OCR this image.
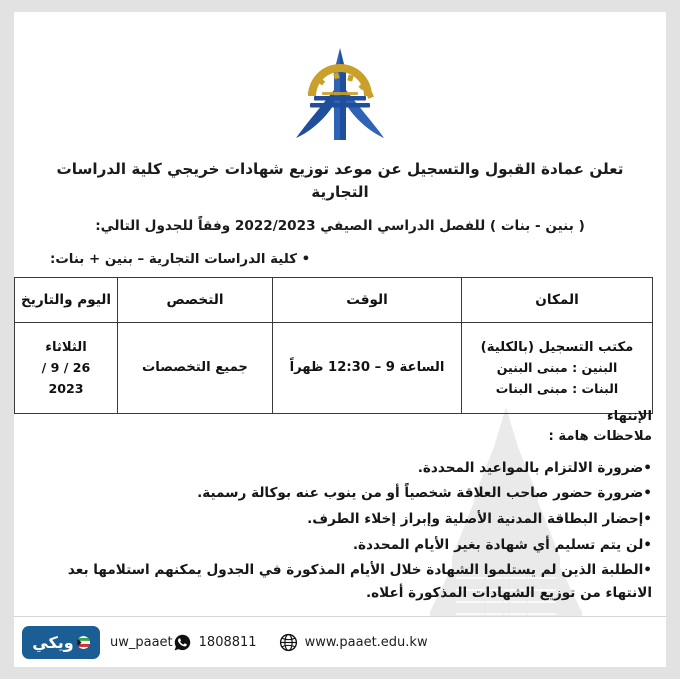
تعلن عمادة القبول والتسجيل عن موعد توزيع شهادات خريجي كلية الدراسات التجارية
( بنين - بنات ) للفصل الدراسي الصيفي 2022/2023 وفقاً للجدول التالي:
• كلية الدراسات التجارية – بنين + بنات:
المكان	الوقت	التخصص	اليوم والتاريخ

مكتب التسجيل (بالكلية)
البنين : مبنى البنين
البنات : مبنى البنات	الساعة 9 – 12:30 ظهراً	جميع التخصصات	الثلاثاء
26 / 9 / 2023
الإنتهاء
ملاحظات هامة :
•ضرورة الالتزام بالمواعيد المحددة.
•ضرورة حضور صاحب العلاقة شخصياً أو من ينوب عنه بوكالة رسمية.
•إحضار البطاقة المدنية الأصلية وإبراز إخلاء الطرف.
•لن يتم تسليم أي شهادة بغير الأيام المحددة.
•الطلبة الذين لم يستلموا الشهادة خلال الأيام المذكورة في الجدول يمكنهم استلامها بعد الانتهاء من توزيع الشهادات المذكورة أعلاه.
ويكي	uw_paaet 1808811	www.paaet.edu.kw
